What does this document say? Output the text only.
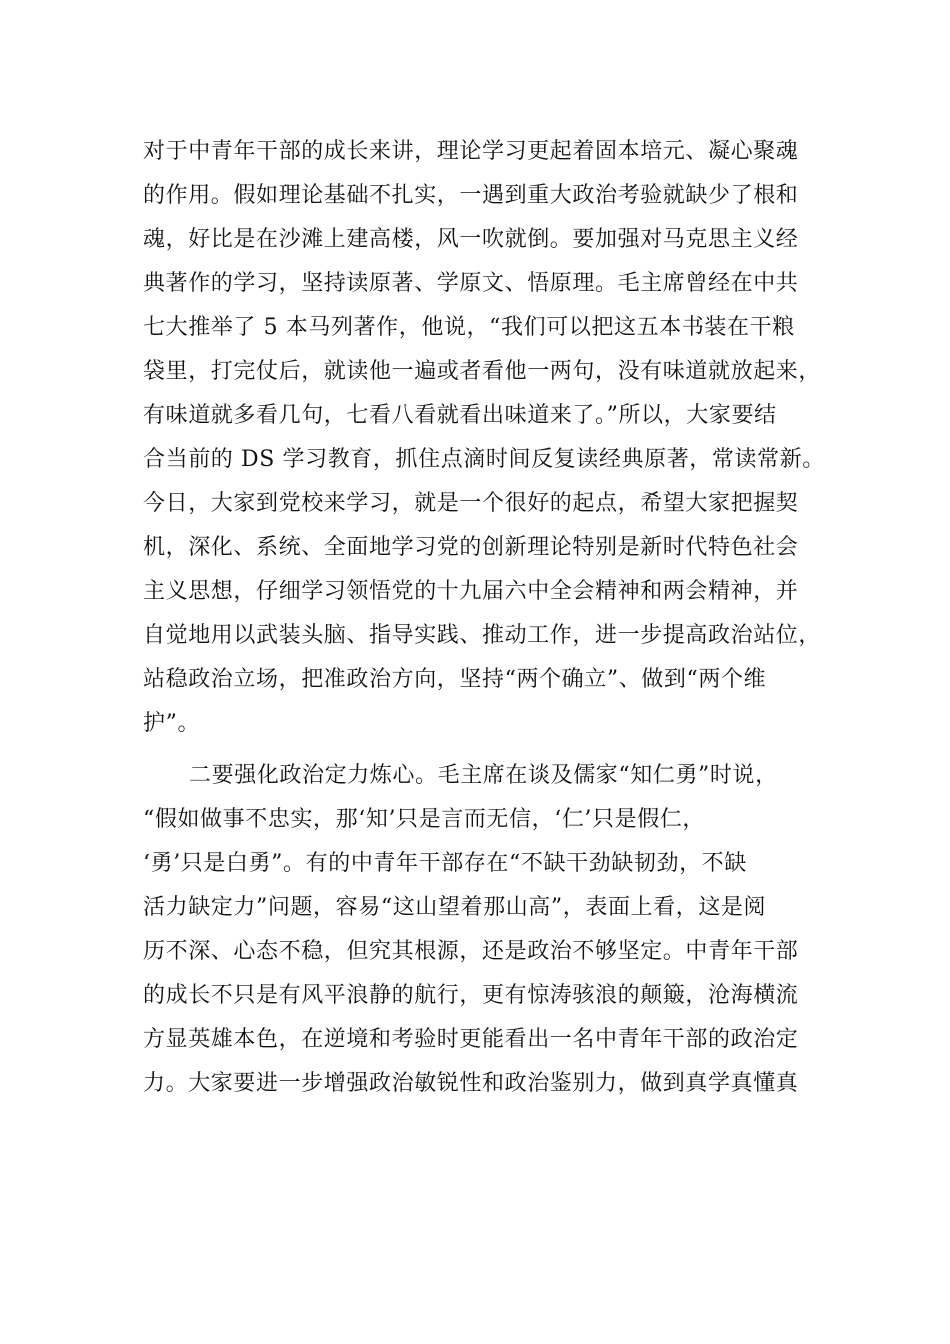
对于中青年干部的成长来讲，理论学习更起着固本培元、凝心聚魂
的作用。假如理论基础不扎实，一遇到重大政治考验就缺少了根和
魂，好比是在沙滩上建高楼，风一吹就倒。要加强对马克思主义经
典著作的学习，坚持读原著、学原文、悟原理。毛主席曾经在中共
七大推举了 5 本马列著作，他说，“我们可以把这五本书装在干粮
袋里，打完仗后，就读他一遍或者看他一两句，没有味道就放起来，
有味道就多看几句，七看八看就看出味道来了。”所以，大家要结
合当前的 DS 学习教育，抓住点滴时间反复读经典原著，常读常新。
今日，大家到党校来学习，就是一个很好的起点，希望大家把握契
机，深化、系统、全面地学习党的创新理论特别是新时代特色社会
主义思想，仔细学习领悟党的十九届六中全会精神和两会精神，并
自觉地用以武装头脑、指导实践、推动工作，进一步提高政治站位，
站稳政治立场，把准政治方向，坚持“两个确立”、做到“两个维
护”。
二要强化政治定力炼心。毛主席在谈及儒家“知仁勇”时说，
“假如做事不忠实，那‘知’只是言而无信，‘仁’只是假仁，
‘勇’只是白勇”。有的中青年干部存在“不缺干劲缺韧劲，不缺
活力缺定力”问题，容易“这山望着那山高”，表面上看，这是阅
历不深、心态不稳，但究其根源，还是政治不够坚定。中青年干部
的成长不只是有风平浪静的航行，更有惊涛骇浪的颠簸，沧海横流
方显英雄本色，在逆境和考验时更能看出一名中青年干部的政治定
力。大家要进一步增强政治敏锐性和政治鉴别力，做到真学真懂真
